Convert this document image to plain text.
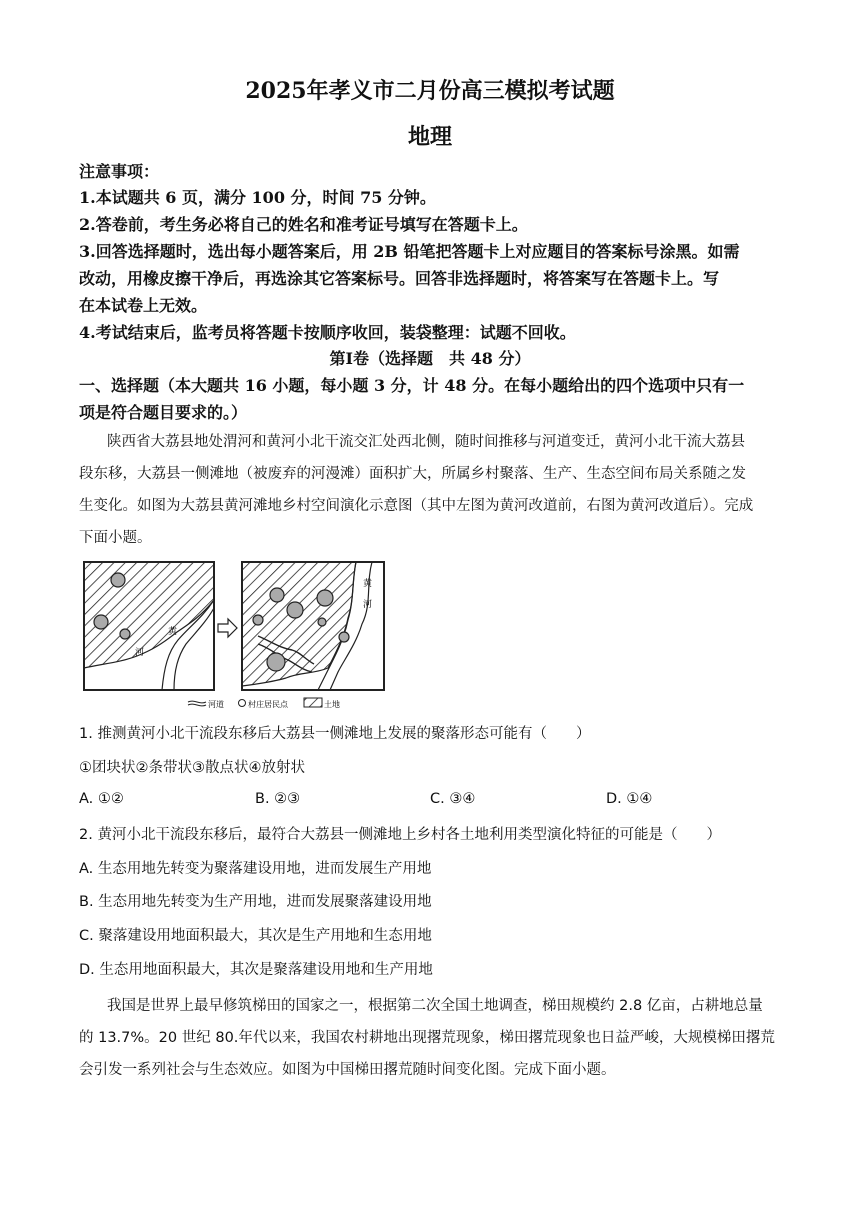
2025年孝义市二月份高三模拟考试题
地理
注意事项：
1.本试题共 6 页，满分 100 分，时间 75 分钟。
2.答卷前，考生务必将自己的姓名和准考证号填写在答题卡上。
3.回答选择题时，选出每小题答案后，用 2B 铅笔把答题卡上对应题目的答案标号涂黑。如需
改动，用橡皮擦干净后，再选涂其它答案标号。回答非选择题时，将答案写在答题卡上。写
在本试卷上无效。
4.考试结束后，监考员将答题卡按顺序收回，装袋整理：试题不回收。
第Ⅰ卷（选择题　共 48 分）
一、选择题（本大题共 16 小题，每小题 3 分，计 48 分。在每小题给出的四个选项中只有一
项是符合题目要求的。）
陕西省大荔县地处渭河和黄河小北干流交汇处西北侧，随时间推移与河道变迁，黄河小北干流大荔县
段东移，大荔县一侧滩地（被废弃的河漫滩）面积扩大，所属乡村聚落、生产、生态空间布局关系随之发
生变化。如图为大荔县黄河滩地乡村空间演化示意图（其中左图为黄河改道前，右图为黄河改道后）。完成
下面小题。
黄
河
黄
河
河道	村庄居民点	土地
1. 推测黄河小北干流段东移后大荔县一侧滩地上发展的聚落形态可能有（　　）
①团块状②条带状③散点状④放射状
A. ①②	B. ②③	C. ③④	D. ①④
2. 黄河小北干流段东移后，最符合大荔县一侧滩地上乡村各土地利用类型演化特征的可能是（　　）
A. 生态用地先转变为聚落建设用地，进而发展生产用地
B. 生态用地先转变为生产用地，进而发展聚落建设用地
C. 聚落建设用地面积最大，其次是生产用地和生态用地
D. 生态用地面积最大，其次是聚落建设用地和生产用地
我国是世界上最早修筑梯田的国家之一，根据第二次全国土地调查，梯田规模约 2.8 亿亩，占耕地总量
的 13.7%。20 世纪 80.年代以来，我国农村耕地出现撂荒现象，梯田撂荒现象也日益严峻，大规模梯田撂荒
会引发一系列社会与生态效应。如图为中国梯田撂荒随时间变化图。完成下面小题。
